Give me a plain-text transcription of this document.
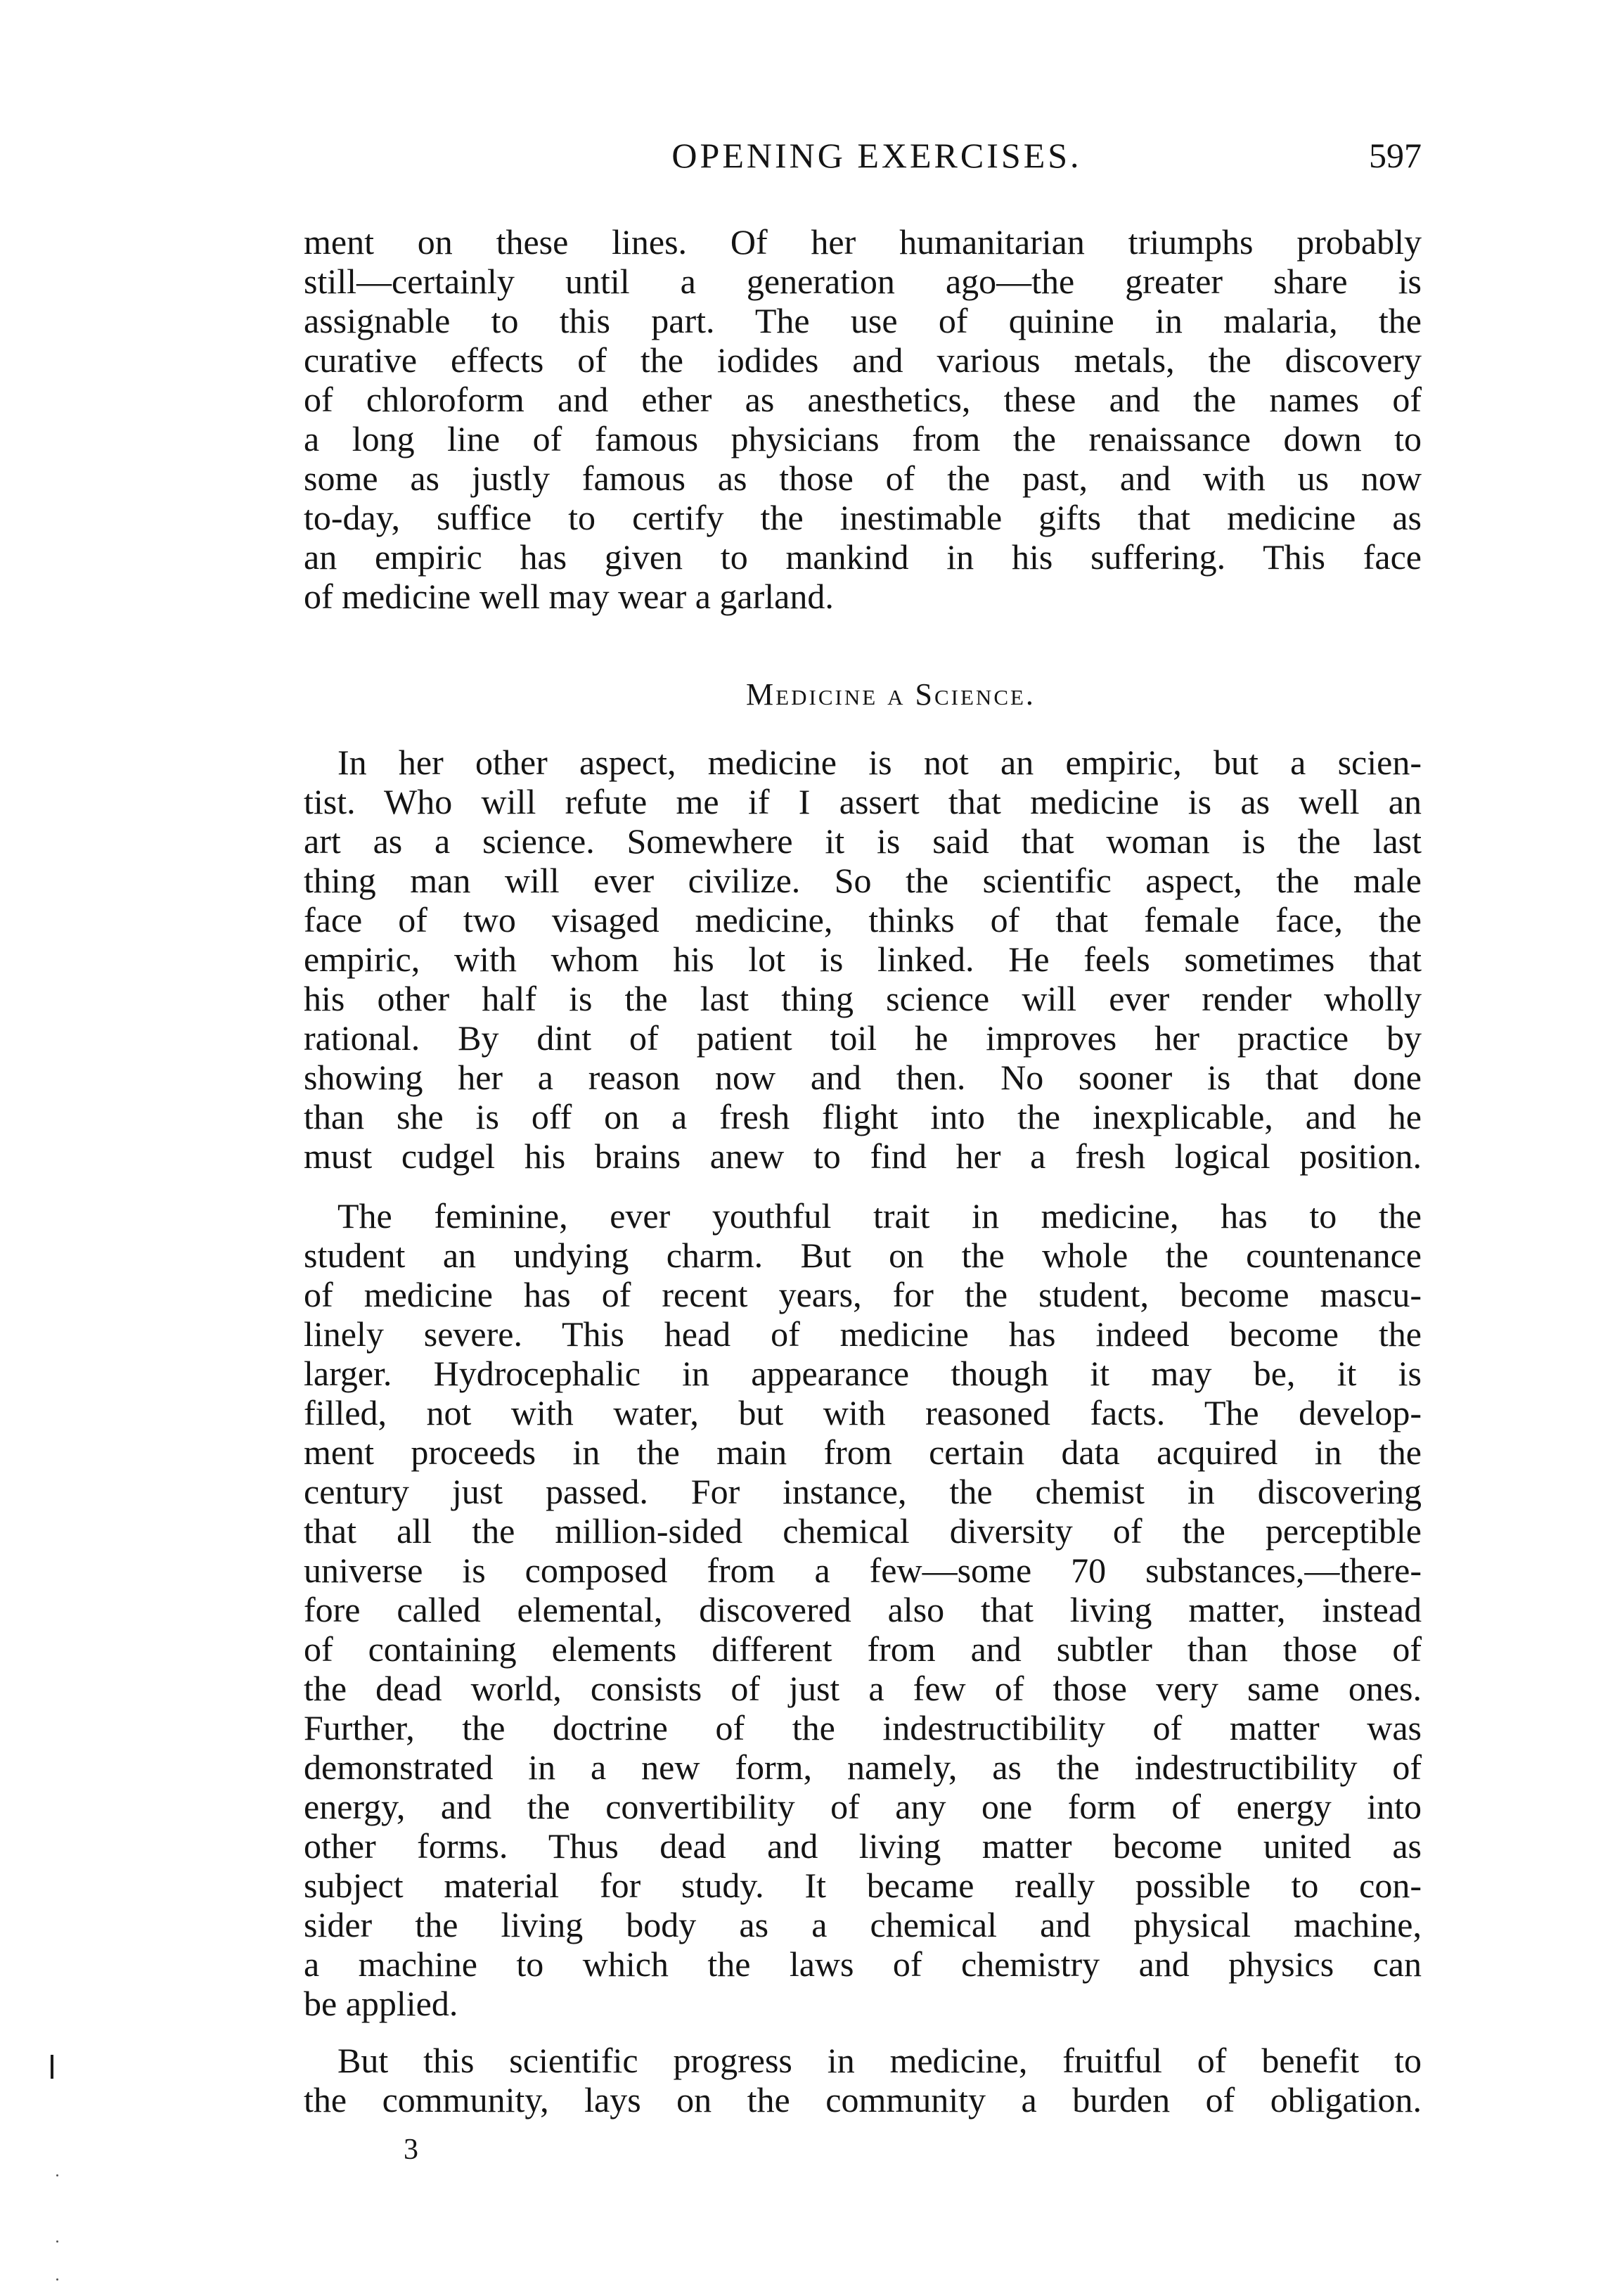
OPENING EXERCISES.	597

ment on these lines. Of her humanitarian triumphs probably
still—certainly until a generation ago—the greater share is
assignable to this part. The use of quinine in malaria, the
curative effects of the iodides and various metals, the discovery
of chloroform and ether as anesthetics, these and the names of
a long line of famous physicians from the renaissance down to
some as justly famous as those of the past, and with us now
to-day, suffice to certify the inestimable gifts that medicine as
an empiric has given to mankind in his suffering. This face
of medicine well may wear a garland.

Medicine a Science.

In her other aspect, medicine is not an empiric, but a scien-
tist. Who will refute me if I assert that medicine is as well an
art as a science. Somewhere it is said that woman is the last
thing man will ever civilize. So the scientific aspect, the male
face of two visaged medicine, thinks of that female face, the
empiric, with whom his lot is linked. He feels sometimes that
his other half is the last thing science will ever render wholly
rational. By dint of patient toil he improves her practice by
showing her a reason now and then. No sooner is that done
than she is off on a fresh flight into the inexplicable, and he
must cudgel his brains anew to find her a fresh logical position.

The feminine, ever youthful trait in medicine, has to the
student an undying charm. But on the whole the countenance
of medicine has of recent years, for the student, become mascu-
linely severe. This head of medicine has indeed become the
larger. Hydrocephalic in appearance though it may be, it is
filled, not with water, but with reasoned facts. The develop-
ment proceeds in the main from certain data acquired in the
century just passed. For instance, the chemist in discovering
that all the million-sided chemical diversity of the perceptible
universe is composed from a few—some 70 substances,—there-
fore called elemental, discovered also that living matter, instead
of containing elements different from and subtler than those of
the dead world, consists of just a few of those very same ones.
Further, the doctrine of the indestructibility of matter was
demonstrated in a new form, namely, as the indestructibility of
energy, and the convertibility of any one form of energy into
other forms. Thus dead and living matter become united as
subject material for study. It became really possible to con-
sider the living body as a chemical and physical machine,
a machine to which the laws of chemistry and physics can
be applied.

But this scientific progress in medicine, fruitful of benefit to
the community, lays on the community a burden of obligation.

3
